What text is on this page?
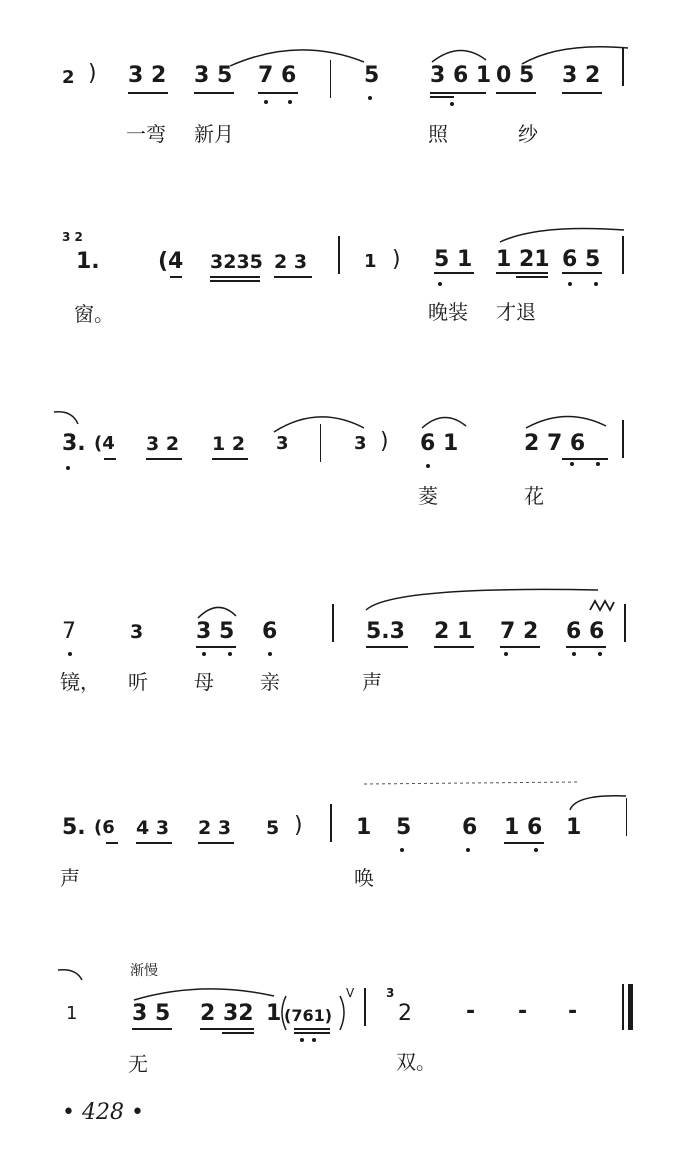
2 ) 3 2 3 5 7 6	5 3 6 1 0 5 3 2
一弯 新月	照	纱
3 2
1.	(4 3235 2 3	1 ) 5 1 1 21 6 5
窗。	晚装 才退
3. (4 3 2 1 2 3	3 ) 6 1	2 7 6
菱	花
7	3 3 5 6	5.3 2 1 7 2 6 6
镜， 听 母 亲	声
5. (6 4 3 2 3 5 ) 1 5 6 1 6 1
声	唤
渐慢
1 3 5 2 32 1 (761)
V	3
2 - - -
无	双。
• 428 •
